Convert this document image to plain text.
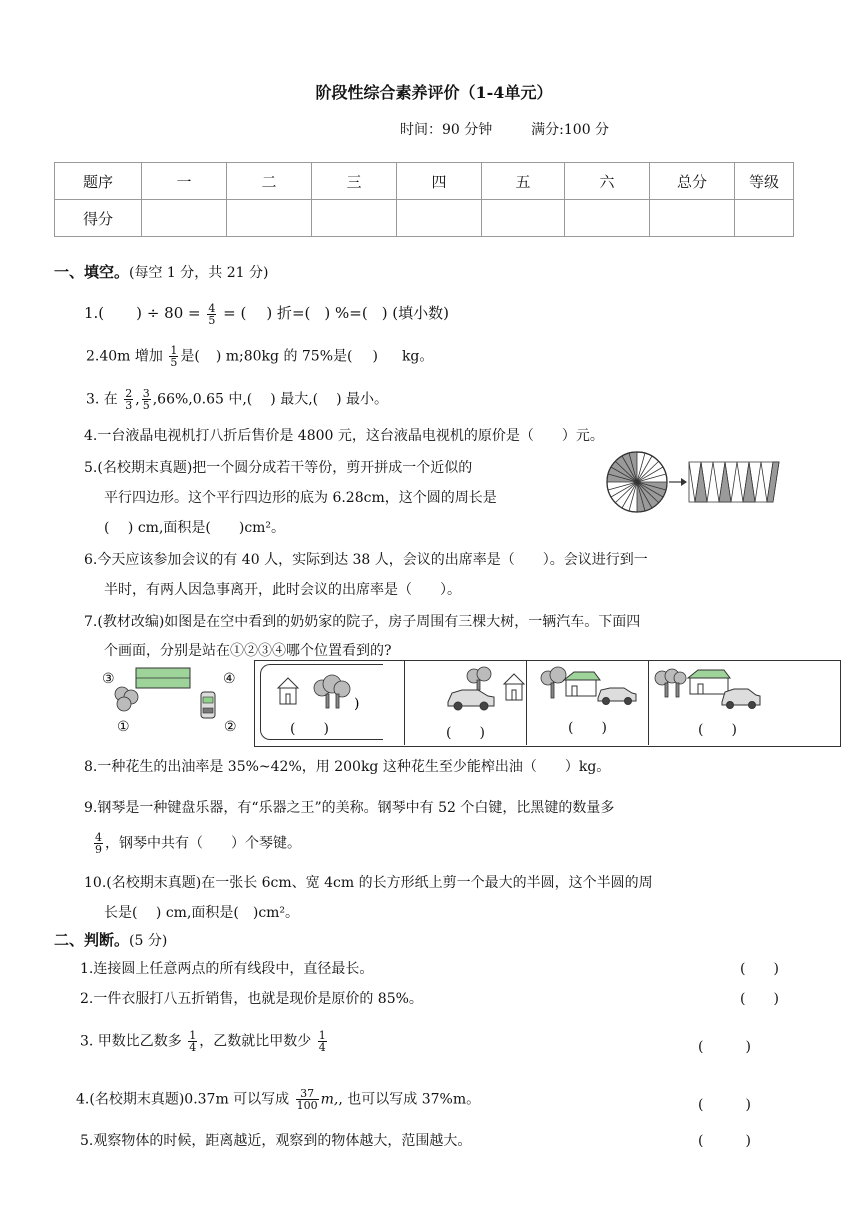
阶段性综合素养评价（1-4单元）
时间：90 分钟	满分:100 分
题序	一	二	三	四	五	六	总分	等级
得分								
一、填空。(每空 1 分，共 21 分)
1.( ) ÷ $80 = \frac{4}{5}$ = ( ) 折=( ) %=( ) (填小数)
2.40m 增加 $\frac{1}{5}$ 是( ) m;80kg 的 75%是( ) kg。
3. 在 $\frac{2}{3}$ , $\frac{3}{5} ,66\%,0.65$ 中,( ) 最大,( ) 最小。
4.一台液晶电视机打八折后售价是 4800 元，这台液晶电视机的原价是（　　）元。
5.(名校期末真题)把一个圆分成若干等份，剪开拼成一个近似的
平行四边形。这个平行四边形的底为 6.28cm，这个圆的周长是
(　 ) cm,面积是(　　)cm²。
6.今天应该参加会议的有 40 人，实际到达 38 人，会议的出席率是（　　）。会议进行到一
半时，有两人因急事离开，此时会议的出席率是（　　）。
7.(教材改编)如图是在空中看到的奶奶家的院子，房子周围有三棵大树，一辆汽车。下面四
个画面，分别是站在①②③④哪个位置看到的?
③	④
①	②
)
(　　)	(　　)	(　　)	(　　)
8.一种花生的出油率是 35%~42%，用 200kg 这种花生至少能榨出油（　　）kg。
9.钢琴是一种键盘乐器，有“乐器之王”的美称。钢琴中有 52 个白键，比黑键的数量多
$\frac{4}{9}$ ，钢琴中共有（　　）个琴键。
10.(名校期末真题)在一张长 6cm、宽 4cm 的长方形纸上剪一个最大的半圆，这个半圆的周
长是(　 ) cm,面积是(　)cm²。
二、判断。(5 分)
1.连接圆上任意两点的所有线段中，直径最长。	(　　)
2.一件衣服打八五折销售，也就是现价是原价的 85%。	(　　)
3. 甲数比乙数多 $\frac{1}{4}$ ，乙数就比甲数少 $\frac{1}{4}$	(　　　)
4.(名校期末真题)0.37m 可以写成 $\frac{37}{100} m$,, 也可以写成 37%m。	(　　　)
5.观察物体的时候，距离越近，观察到的物体越大，范围越大。	(　　　)
